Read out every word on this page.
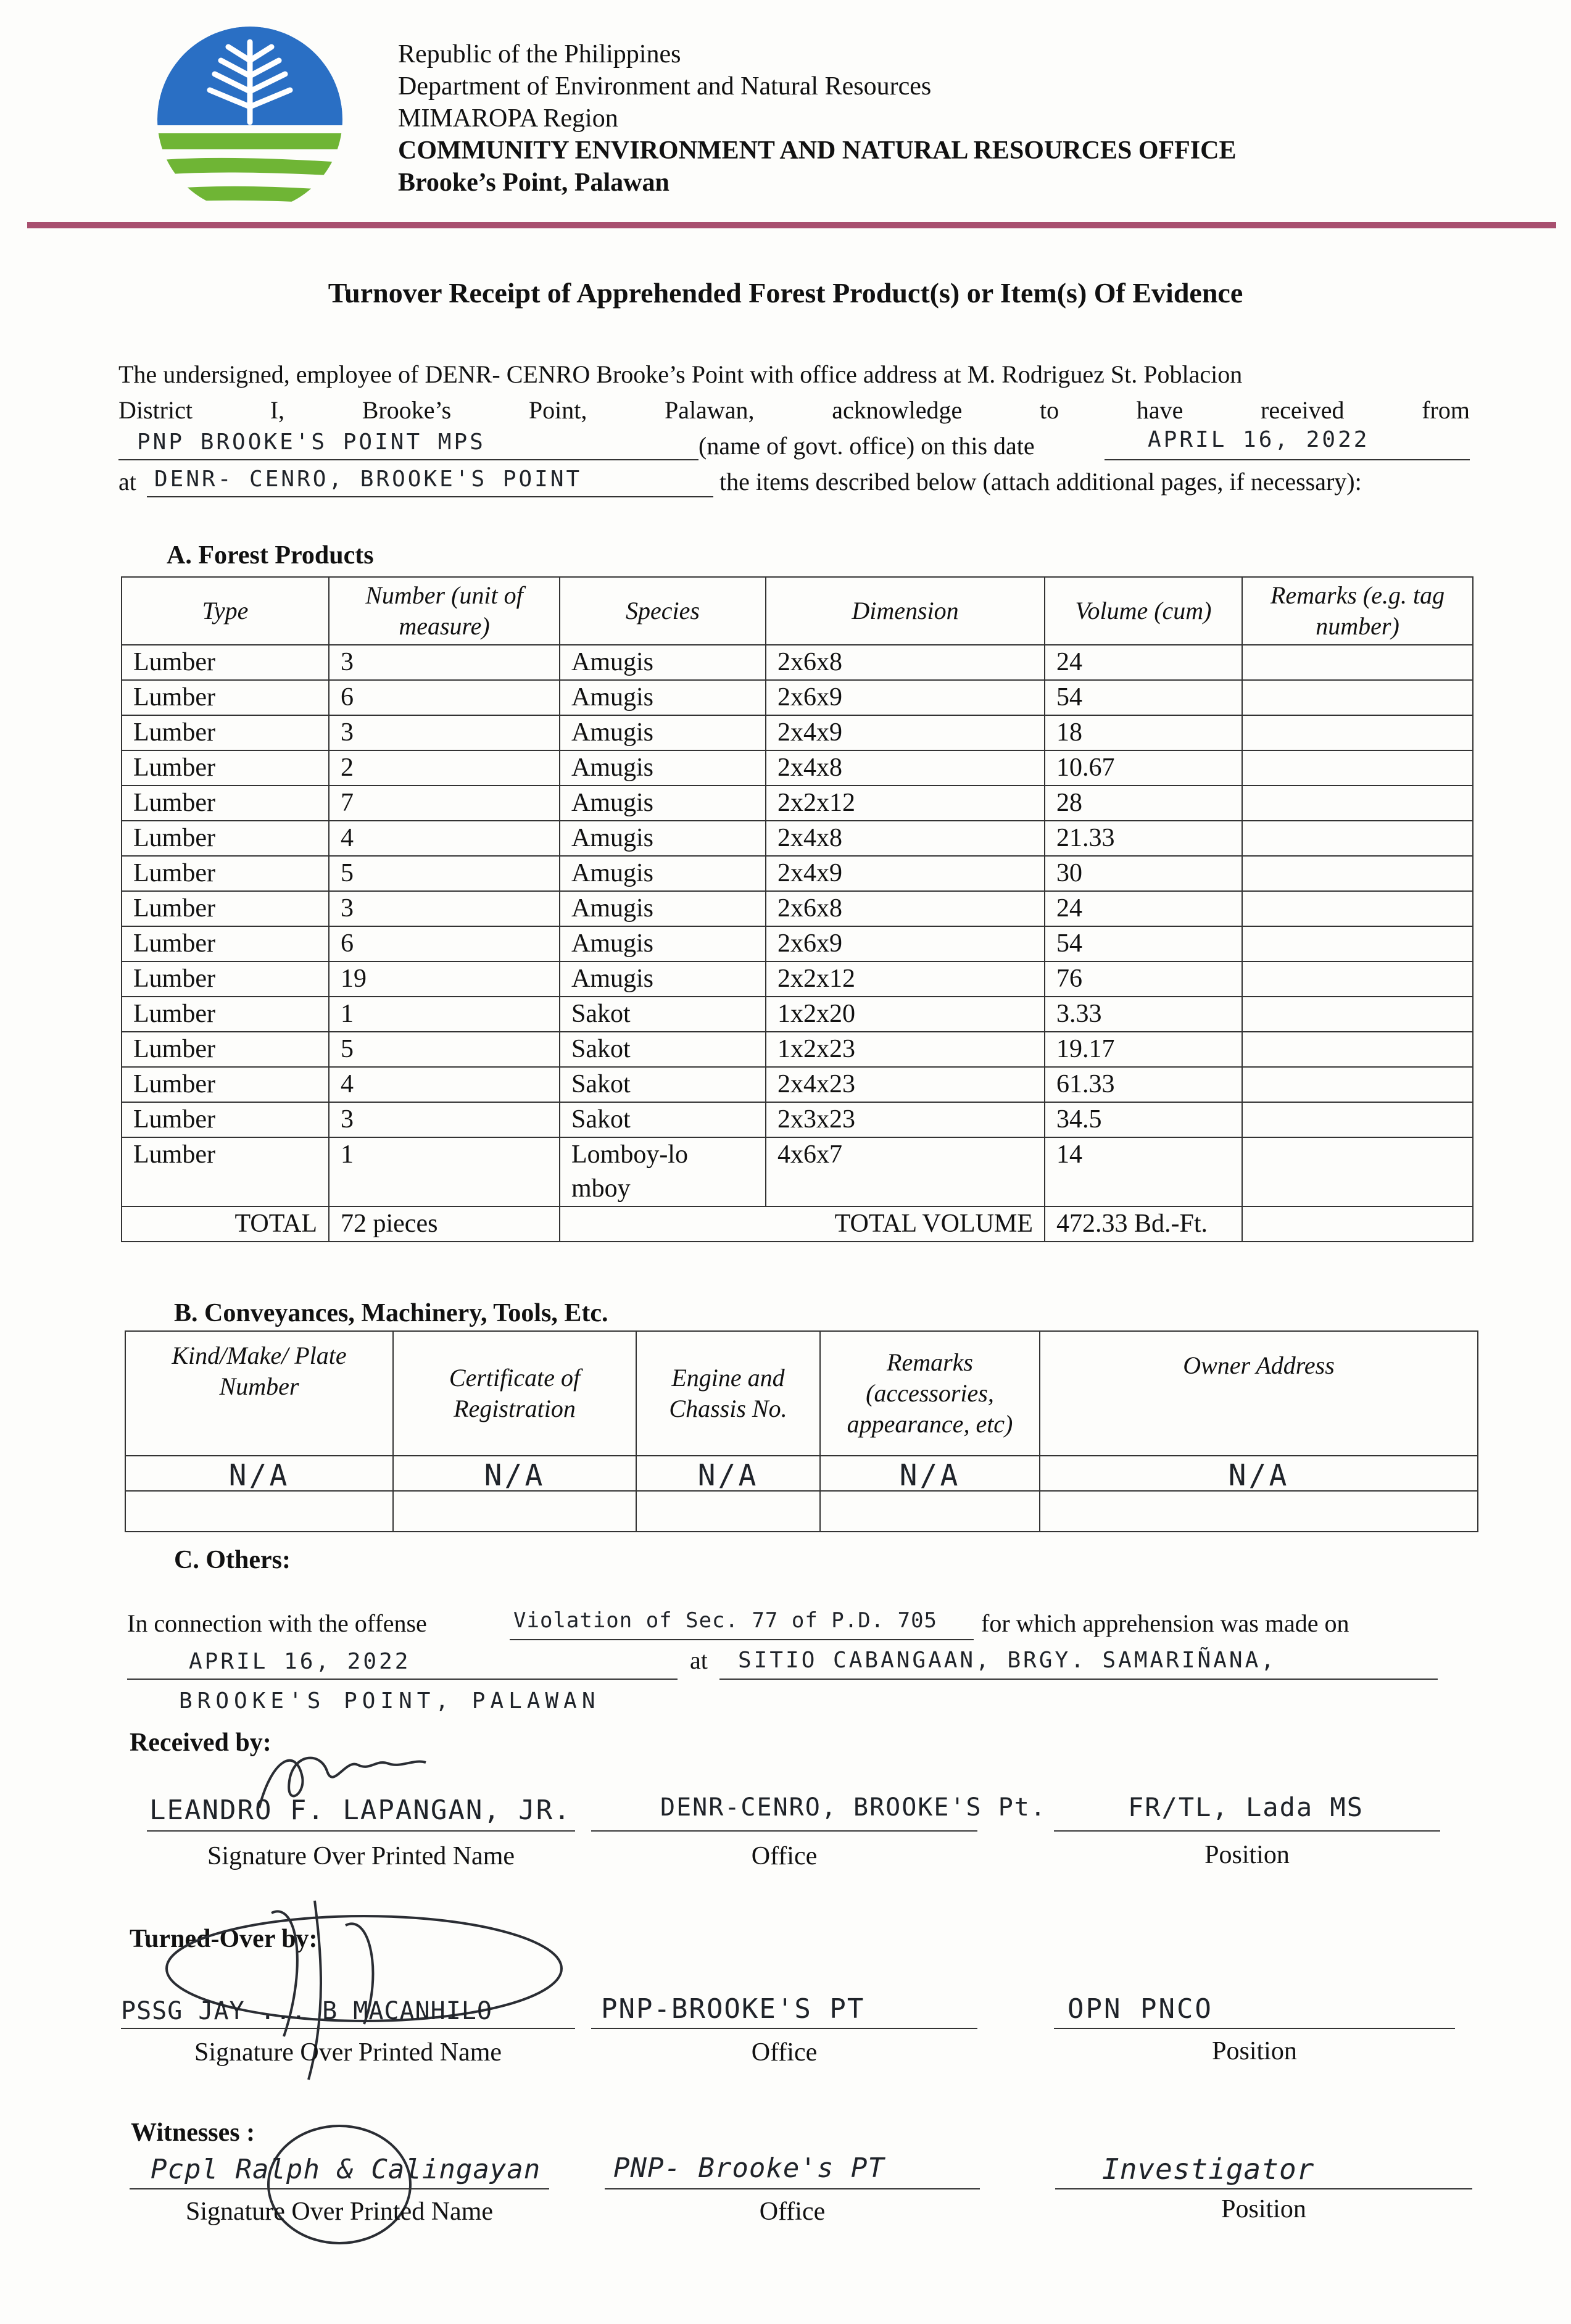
Republic of the Philippines
Department of Environment and Natural Resources
MIMAROPA Region
COMMUNITY ENVIRONMENT AND NATURAL RESOURCES OFFICE
Brooke’s Point, Palawan
Turnover Receipt of Apprehended Forest Product(s) or Item(s) Of Evidence
The undersigned, employee of DENR- CENRO Brooke’s Point with office address at M. Rodriguez St. Poblacion
District	I,	Brooke’s	Point,	Palawan,	acknowledge	to	have	received	from
PNP BROOKE'S POINT MPS	(name of govt. office) on this date	APRIL 16, 2022
at DENR- CENRO, BROOKE'S POINT	the items described below (attach additional pages, if necessary):
A. Forest Products
Type	Number (unit of measure)	Species	Dimension	Volume (cum)	Remarks (e.g. tag number)
Lumber	3	Amugis	2x6x8	24	
Lumber	6	Amugis	2x6x9	54	
Lumber	3	Amugis	2x4x9	18	
Lumber	2	Amugis	2x4x8	10.67	
Lumber	7	Amugis	2x2x12	28	
Lumber	4	Amugis	2x4x8	21.33	
Lumber	5	Amugis	2x4x9	30	
Lumber	3	Amugis	2x6x8	24	
Lumber	6	Amugis	2x6x9	54	
Lumber	19	Amugis	2x2x12	76	
Lumber	1	Sakot	1x2x20	3.33	
Lumber	5	Sakot	1x2x23	19.17	
Lumber	4	Sakot	2x4x23	61.33	
Lumber	3	Sakot	2x3x23	34.5	
Lumber	1	Lomboy-lomboy	4x6x7	14	
TOTAL	72 pieces	TOTAL VOLUME		472.33 Bd.-Ft.	
B. Conveyances, Machinery, Tools, Etc.
Kind/Make/ Plate Number	Certificate of Registration	Engine and Chassis No.	Remarks (accessories, appearance, etc)	Owner Address
N/A	N/A	N/A	N/A	N/A

C. Others:
In connection with the offense	Violation of Sec. 77 of P.D. 705 for which apprehension was made on
APRIL 16, 2022	at SITIO CABANGAAN, BRGY. SAMARIÑANA,
BROOKE'S POINT, PALAWAN
Received by:
LEANDRO F. LAPANGAN, JR.	DENR-CENRO, BROOKE'S Pt.	FR/TL, Lada MS
Signature Over Printed Name	Office	Position
Turned-Over by:
PSSG JAY ... B MACANHILO	PNP-BROOKE'S PT	OPN PNCO
Signature Over Printed Name	Office	Position
Witnesses :
Pcpl Ralph & Calingayan	PNP- Brooke's PT	Investigator
Signature Over Printed Name	Office	Position
